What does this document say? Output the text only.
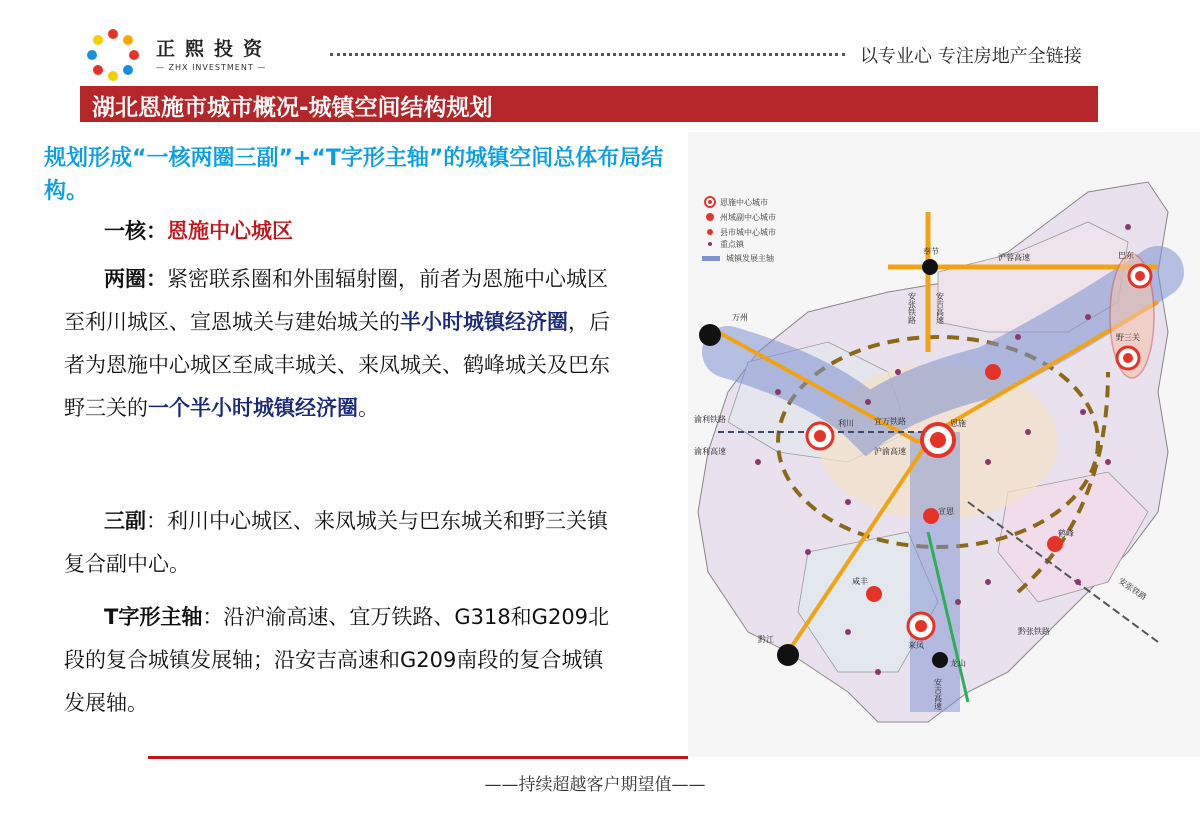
正熙投资
— ZHX INVESTMENT —
以专业心 专注房地产全链接
湖北恩施市城市概况-城镇空间结构规划
规划形成“一核两圈三副”+“T字形主轴”的城镇空间总体布局结构。
一核：恩施中心城区
两圈：紧密联系圈和外围辐射圈，前者为恩施中心城区至利川城区、宣恩城关与建始城关的半小时城镇经济圈，后者为恩施中心城区至咸丰城关、来凤城关、鹤峰城关及巴东野三关的一个半小时城镇经济圈。
三副：利川中心城区、来凤城关与巴东城关和野三关镇复合副中心。
T字形主轴：沿沪渝高速、宜万铁路、G318和G209北段的复合城镇发展轴；沿安吉高速和G209南段的复合城镇发展轴。
恩施中心城市
州域副中心城市
县市城中心城市
重点镇
城镇发展主轴
奉节
沪蓉高速	巴东
万州
野三关
渝利铁路
渝利高速
利川	宜万铁路	恩施
沪渝高速
宣恩
鹤峰
咸丰
黔江
来凤
龙山
黔张铁路
安张铁路
安张铁路 安吉高速
安吉高速
——持续超越客户期望值——
